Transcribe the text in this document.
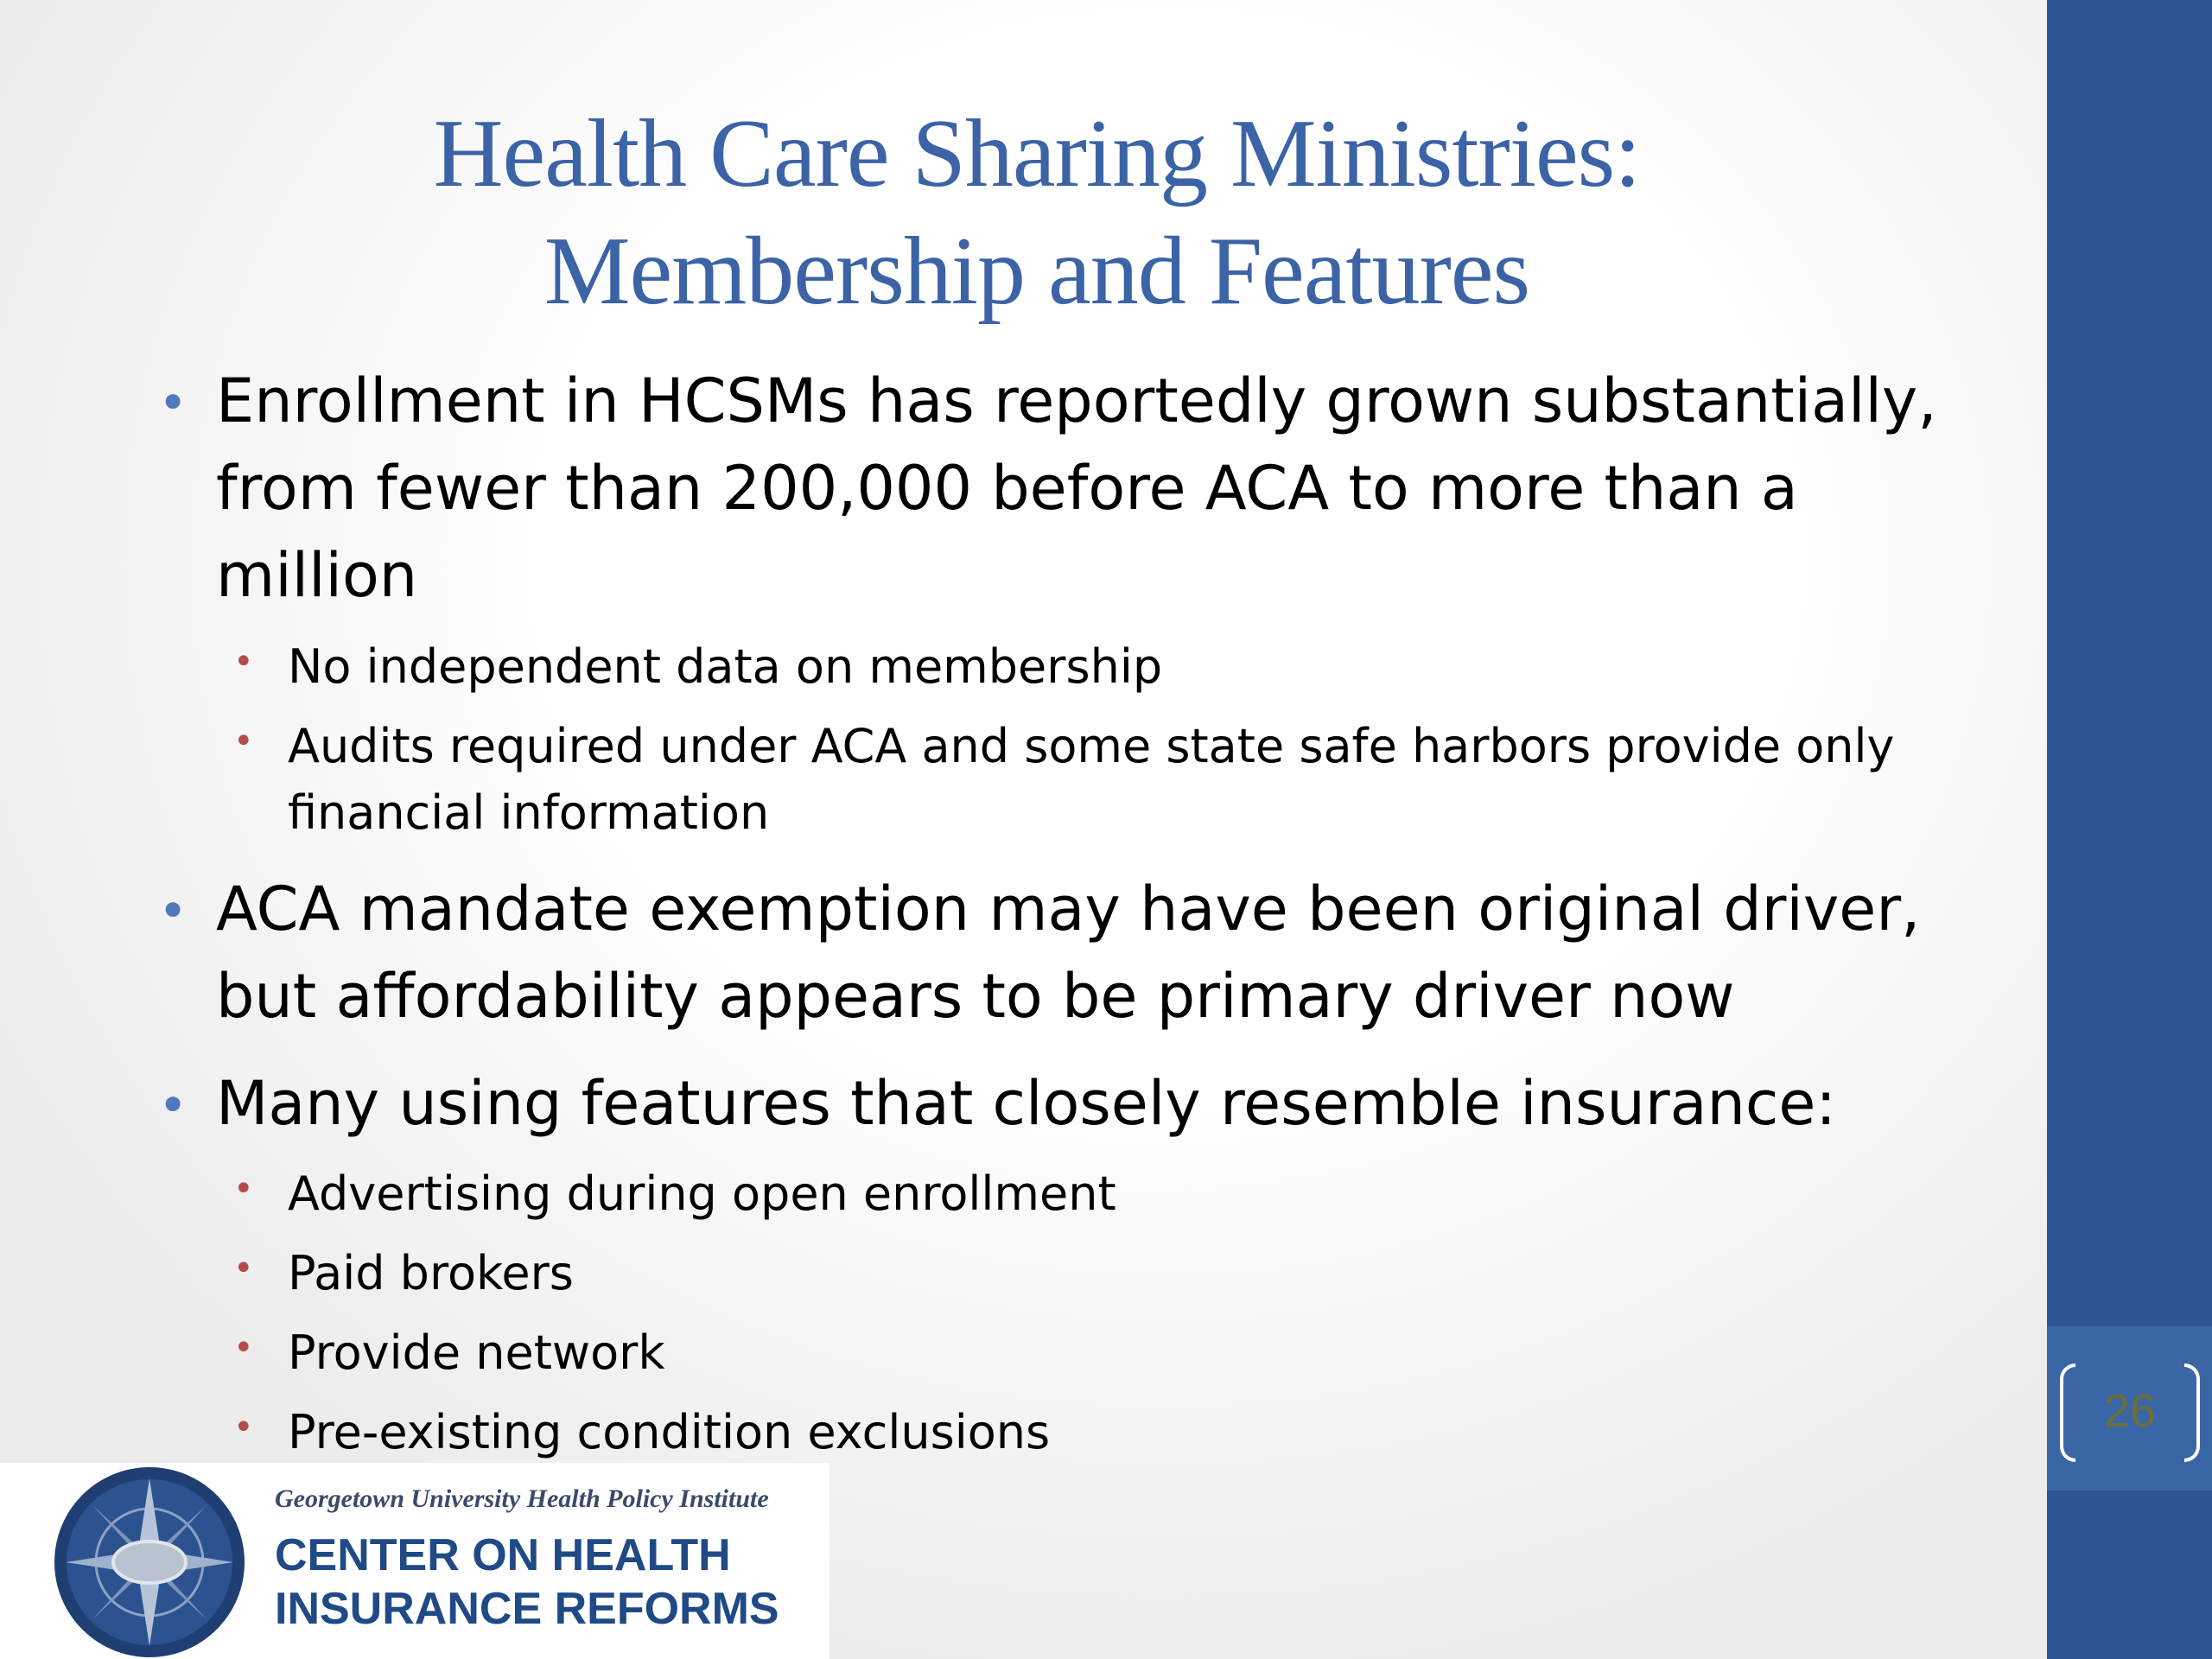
26
Health Care Sharing Ministries:
Membership and Features
• Enrollment in HCSMs has reportedly grown substantially,
from fewer than 200,000 before ACA to more than a
million
• No independent data on membership
• Audits required under ACA and some state safe harbors provide only
financial information
• ACA mandate exemption may have been original driver,
but affordability appears to be primary driver now
• Many using features that closely resemble insurance:
• Advertising during open enrollment
• Paid brokers
• Provide network
• Pre-existing condition exclusions
Georgetown University Health Policy Institute
CENTER ON HEALTH
INSURANCE REFORMS
